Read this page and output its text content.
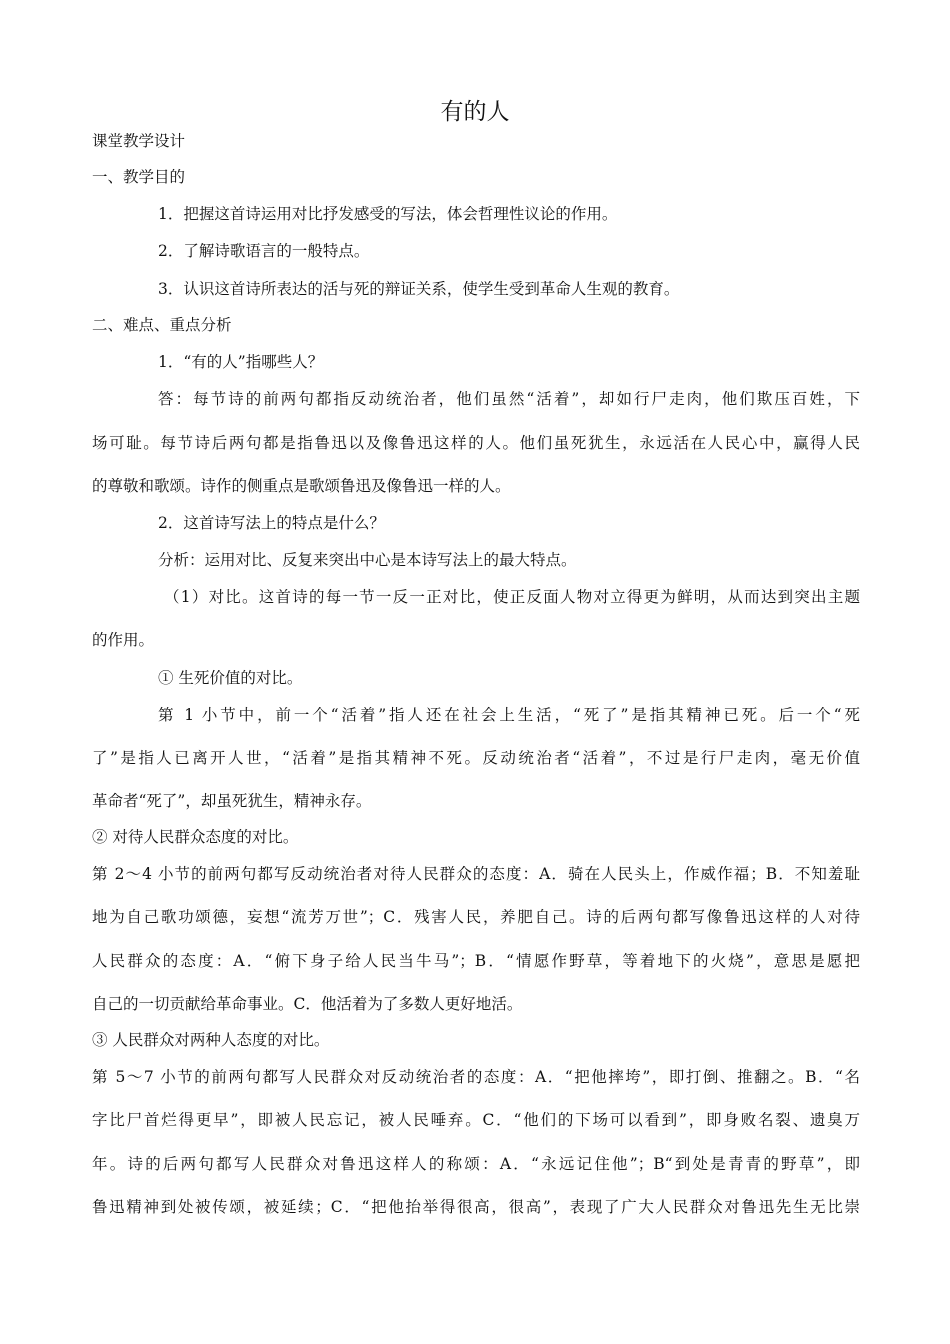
有的人
课堂教学设计
一、教学目的
1．把握这首诗运用对比抒发感受的写法，体会哲理性议论的作用。
2．了解诗歌语言的一般特点。
3．认识这首诗所表达的活与死的辩证关系，使学生受到革命人生观的教育。
二、难点、重点分析
1．“有的人”指哪些人？
答：每节诗的前两句都指反动统治者，他们虽然“活着”，却如行尸走肉，他们欺压百姓，下
场可耻。每节诗后两句都是指鲁迅以及像鲁迅这样的人。他们虽死犹生，永远活在人民心中，赢得人民
的尊敬和歌颂。诗作的侧重点是歌颂鲁迅及像鲁迅一样的人。
2．这首诗写法上的特点是什么？
分析：运用对比、反复来突出中心是本诗写法上的最大特点。
（1）对比。这首诗的每一节一反一正对比，使正反面人物对立得更为鲜明，从而达到突出主题
的作用。
① 生死价值的对比。
第 1 小节中，前一个“活着”指人还在社会上生活，“死了”是指其精神已死。后一个“死
了”是指人已离开人世，“活着”是指其精神不死。反动统治者“活着”，不过是行尸走肉，毫无价值
革命者“死了”，却虽死犹生，精神永存。
② 对待人民群众态度的对比。
第 2～4 小节的前两句都写反动统治者对待人民群众的态度：A．骑在人民头上，作威作福；B．不知羞耻
地为自己歌功颂德，妄想“流芳万世”；C．残害人民，养肥自己。诗的后两句都写像鲁迅这样的人对待
人民群众的态度：A．“俯下身子给人民当牛马”；B．“情愿作野草，等着地下的火烧”，意思是愿把
自己的一切贡献给革命事业。C．他活着为了多数人更好地活。
③ 人民群众对两种人态度的对比。
第 5～7 小节的前两句都写人民群众对反动统治者的态度：A．“把他摔垮”，即打倒、推翻之。B．“名
字比尸首烂得更早”，即被人民忘记，被人民唾弃。C．“他们的下场可以看到”，即身败名裂、遗臭万
年。诗的后两句都写人民群众对鲁迅这样人的称颂：A．“永远记住他”；B“到处是青青的野草”，即
鲁迅精神到处被传颂，被延续；C．“把他抬举得很高，很高”，表现了广大人民群众对鲁迅先生无比崇
